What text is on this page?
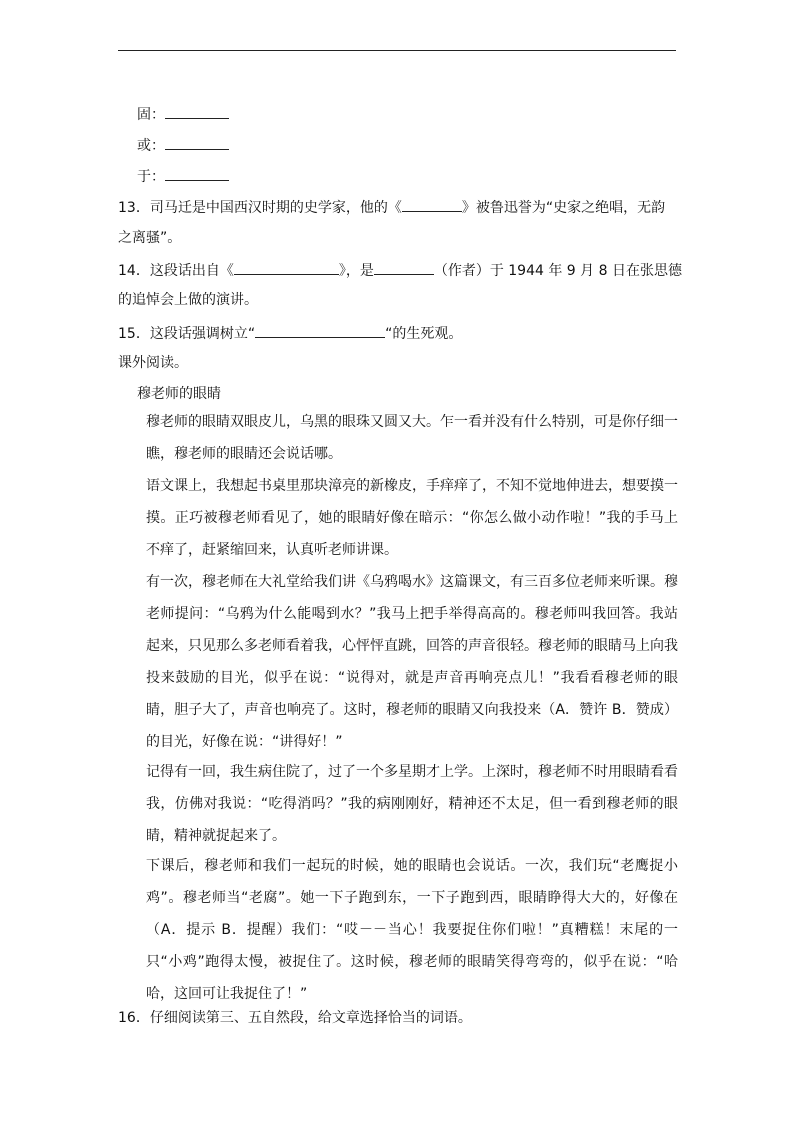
固：
或：
于：
13．司马迁是中国西汉时期的史学家，他的《	》被鲁迅誉为“史家之绝唱，无韵
之离骚”。
14．这段话出自《	》，是	（作者）于 1944 年 9 月 8 日在张思德
的追悼会上做的演讲。
15．这段话强调树立“	“的生死观。
课外阅读。
穆老师的眼睛
穆老师的眼睛双眼皮儿，乌黑的眼珠又圆又大。乍一看并没有什么特别，可是你仔细一瞧，穆老师的眼睛还会说话哪。
语文课上，我想起书桌里那块漳亮的新橡皮，手痒痒了，不知不觉地伸进去，想要摸一摸。正巧被穆老师看见了，她的眼睛好像在暗示：“你怎么做小动作啦！”我的手马上不痒了，赶紧缩回来，认真听老师讲课。
有一次，穆老师在大礼堂给我们讲《乌鸦喝水》这篇课文，有三百多位老师来听课。穆老师提问：“乌鸦为什么能喝到水？”我马上把手举得高高的。穆老师叫我回答。我站起来，只见那么多老师看着我，心怦怦直跳，回答的声音很轻。穆老师的眼睛马上向我投来鼓励的目光，似乎在说：“说得对，就是声音再响亮点儿！”我看看穆老师的眼睛，胆子大了，声音也响亮了。这时，穆老师的眼睛又向我投来（A．赞许 B．赞成）的目光，好像在说：“讲得好！”
记得有一回，我生病住院了，过了一个多星期才上学。上深时，穆老师不时用眼睛看看我，仿佛对我说：“吃得消吗？”我的病刚刚好，精神还不太足，但一看到穆老师的眼睛，精神就捉起来了。
下课后，穆老师和我们一起玩的时候，她的眼睛也会说话。一次，我们玩“老鹰捉小鸡”。穆老师当“老腐”。她一下子跑到东，一下子跑到西，眼睛睁得大大的，好像在（A．提示 B．提醒）我们：“哎－－当心！我要捉住你们啦！”真糟糕！末尾的一只“小鸡”跑得太慢，被捉住了。这时候，穆老师的眼睛笑得弯弯的，似乎在说：“哈哈，这回可让我捉住了！”
16．仔细阅读第三、五自然段，给文章选择恰当的词语。
